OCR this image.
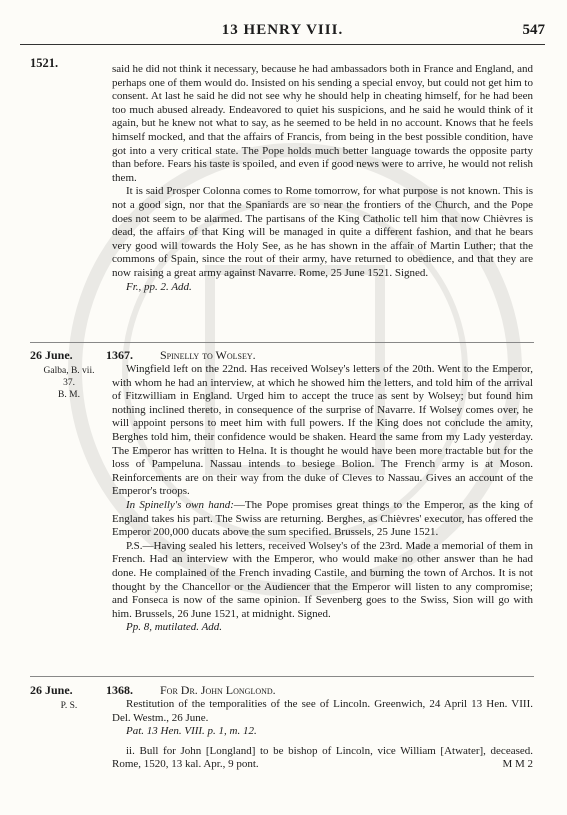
13 HENRY VIII.	547
1521.	said he did not think it necessary, because he had ambassadors both in France and England, and perhaps one of them would do. Insisted on his sending a special envoy, but could not get him to consent. At last he said he did not see why he should help in cheating himself, for he had been too much abused already. Endeavored to quiet his suspicions, and he said he would think of it again, but he knew not what to say, as he seemed to be held in no account. Knows that he feels himself mocked, and that the affairs of Francis, from being in the best possible condition, have got into a very critical state. The Pope holds much better language towards the opposite party than before. Fears his taste is spoiled, and even if good news were to arrive, he would not relish them.

It is said Prosper Colonna comes to Rome tomorrow, for what purpose is not known. This is not a good sign, nor that the Spaniards are so near the frontiers of the Church, and the Pope does not seem to be alarmed. The partisans of the King Catholic tell him that now Chièvres is dead, the affairs of that King will be managed in quite a different fashion, and that he bears very good will towards the Holy See, as he has shown in the affair of Martin Luther; that the commons of Spain, since the rout of their army, have returned to obedience, and that they are now raising a great army against Navarre. Rome, 25 June 1521. Signed.

Fr., pp. 2. Add.

26 June.	1367. Spinelly to Wolsey.
Galba, B. vii.
37.
B. M.

Wingfield left on the 22nd. Has received Wolsey's letters of the 20th. Went to the Emperor, with whom he had an interview, at which he showed him the letters, and told him of the arrival of Fitzwilliam in England. Urged him to accept the truce as sent by Wolsey; but found him nothing inclined thereto, in consequence of the surprise of Navarre. If Wolsey comes over, he will appoint persons to meet him with full powers. If the King does not conclude the amity, Berghes told him, their confidence would be shaken. Heard the same from my Lady yesterday. The Emperor has written to Helna. It is thought he would have been more tractable but for the loss of Pampeluna. Nassau intends to besiege Bolion. The French army is at Moson. Reinforcements are on their way from the duke of Cleves to Nassau. Gives an account of the Emperor's troops.

In Spinelly's own hand:—The Pope promises great things to the Emperor, as the king of England takes his part. The Swiss are returning. Berghes, as Chièvres' executor, has offered the Emperor 200,000 ducats above the sum specified. Brussels, 25 June 1521.

P.S.—Having sealed his letters, received Wolsey's of the 23rd. Made a memorial of them in French. Had an interview with the Emperor, who would make no other answer than he had done. He complained of the French invading Castile, and burning the town of Archos. It is not thought by the Chancellor or the Audiencer that the Emperor will listen to any compromise; and Fonseca is now of the same opinion. If Sevenberg goes to the Swiss, Sion will go with him. Brussels, 26 June 1521, at midnight. Signed.

Pp. 8, mutilated. Add.

26 June.	1368. For Dr. John Longlond.
P. S.	Restitution of the temporalities of the see of Lincoln. Greenwich, 24 April 13 Hen. VIII. Del. Westm., 26 June.

Pat. 13 Hen. VIII. p. 1, m. 12.

ii. Bull for John [Longland] to be bishop of Lincoln, vice William [Atwater], deceased. Rome, 1520, 13 kal. Apr., 9 pont.	M M 2
